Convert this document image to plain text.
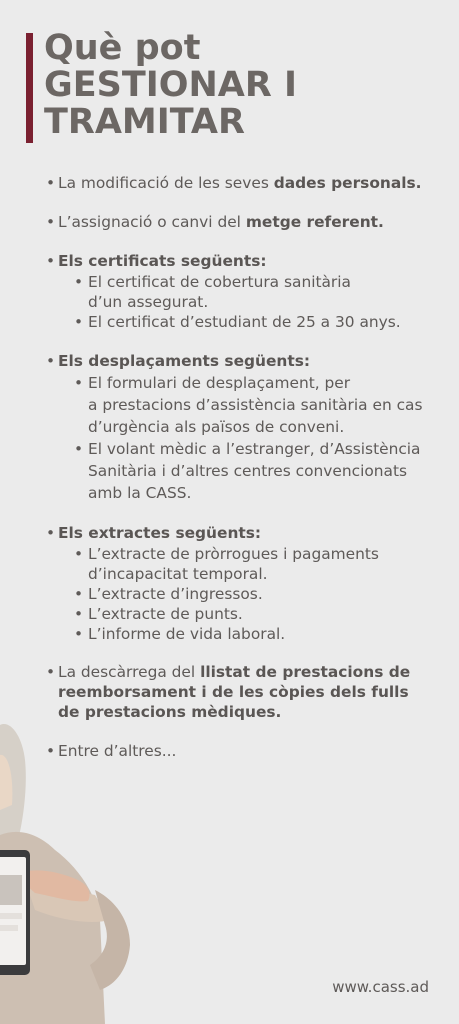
Què pot
GESTIONAR I
TRAMITAR
• La modificació de les seves dades personals.
• L’assignació o canvi del metge referent.
• Els certificats següents:
• El certificat de cobertura sanitària
d’un assegurat.
• El certificat d’estudiant de 25 a 30 anys.
• Els desplaçaments següents:
• El formulari de desplaçament, per
a prestacions d’assistència sanitària en cas
d’urgència als països de conveni.
• El volant mèdic a l’estranger, d’Assistència
Sanitària i d’altres centres convencionats
amb la CASS.
• Els extractes següents:
• L’extracte de pròrrogues i pagaments
d’incapacitat temporal.
• L’extracte d’ingressos.
• L’extracte de punts.
• L’informe de vida laboral.
• La descàrrega del llistat de prestacions de
reemborsament i de les còpies dels fulls
de prestacions mèdiques.
• Entre d’altres...
www.cass.ad
